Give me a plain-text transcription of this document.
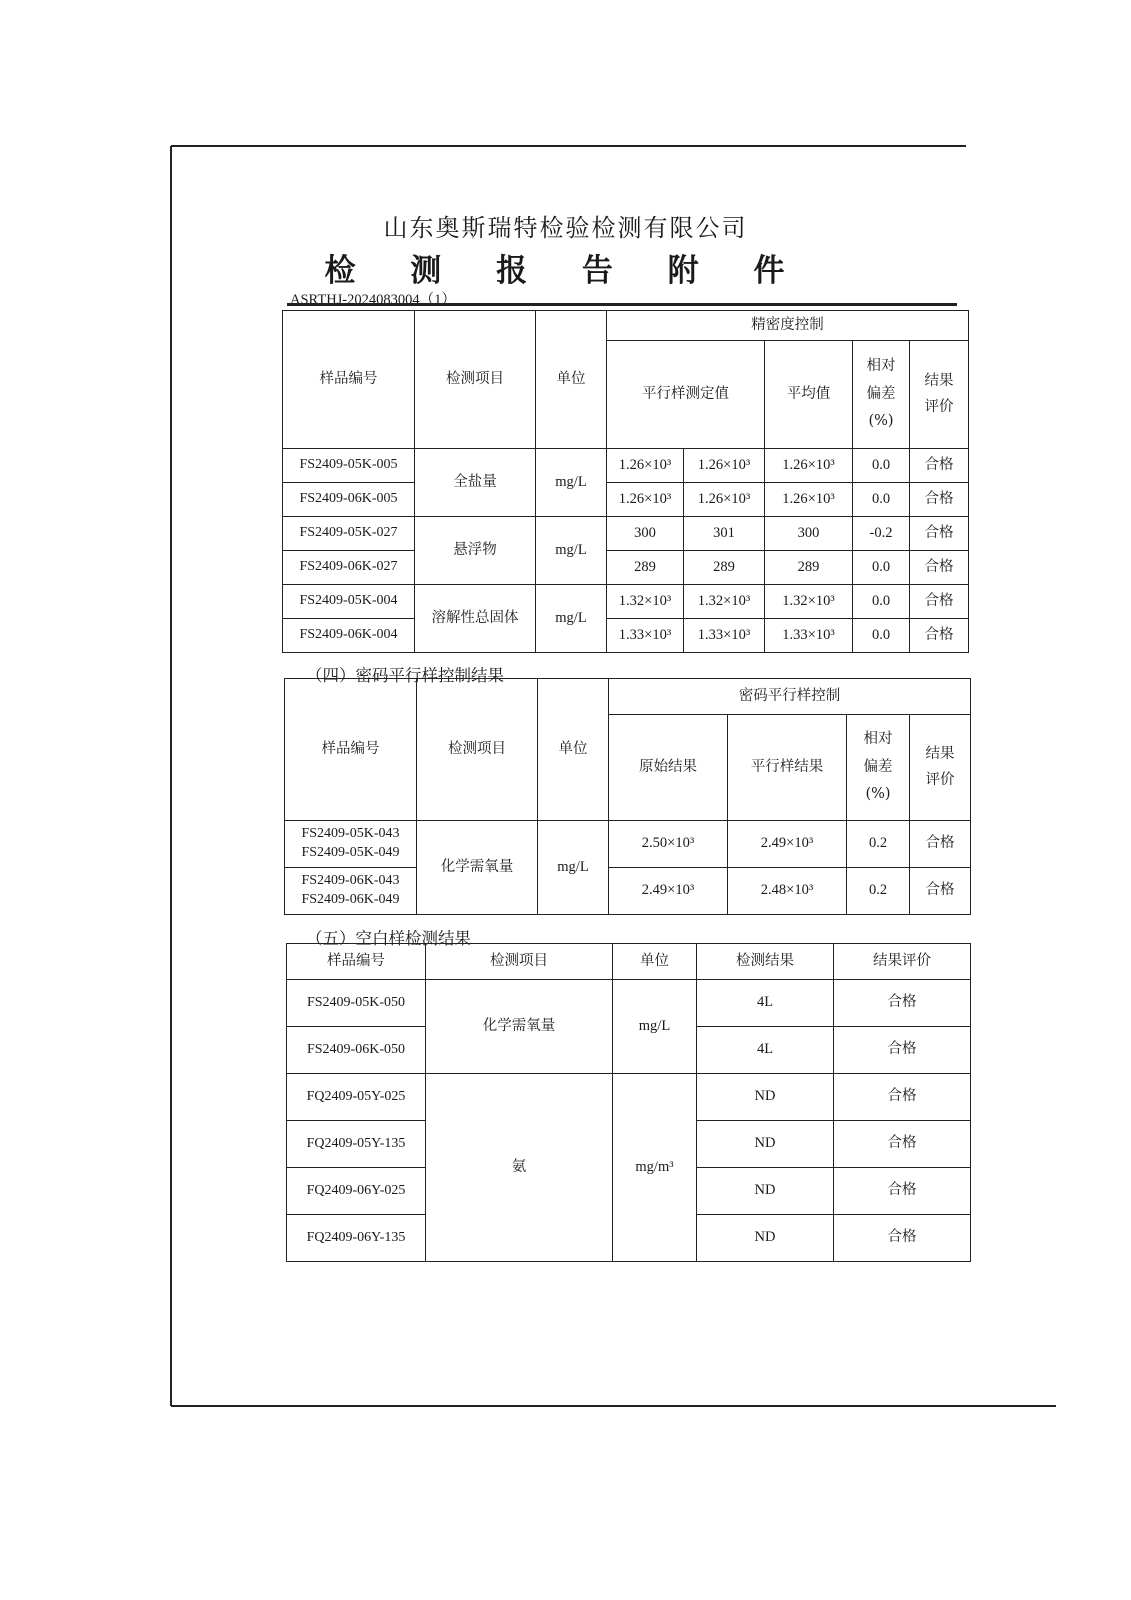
山东奥斯瑞特检验检测有限公司
检 测 报 告 附 件
ASRTHJ-2024083004（1）
样品编号	检测项目	单位	精密度控制				
			平行样测定值		平均值	相对
偏差
(%)	结果
评价
FS2409-05K-005	全盐量	mg/L	1.26×10³	1.26×10³	1.26×10³	0.0	合格
FS2409-06K-005			1.26×10³	1.26×10³	1.26×10³	0.0	合格
FS2409-05K-027	悬浮物	mg/L	300	301	300	-0.2	合格
FS2409-06K-027			289	289	289	0.0	合格
FS2409-05K-004	溶解性总固体	mg/L	1.32×10³	1.32×10³	1.32×10³	0.0	合格
FS2409-06K-004			1.33×10³	1.33×10³	1.33×10³	0.0	合格
（四）密码平行样控制结果
样品编号	检测项目	单位	密码平行样控制			
			原始结果	平行样结果	相对
偏差
(%)	结果
评价
FS2409-05K-043
FS2409-05K-049	化学需氧量	mg/L	2.50×10³	2.49×10³	0.2	合格
FS2409-06K-043
FS2409-06K-049			2.49×10³	2.48×10³	0.2	合格
（五）空白样检测结果
样品编号	检测项目	单位	检测结果	结果评价
FS2409-05K-050	化学需氧量	mg/L	4L	合格
FS2409-06K-050			4L	合格
FQ2409-05Y-025	氨	mg/m³	ND	合格
FQ2409-05Y-135			ND	合格
FQ2409-06Y-025			ND	合格
FQ2409-06Y-135			ND	合格
